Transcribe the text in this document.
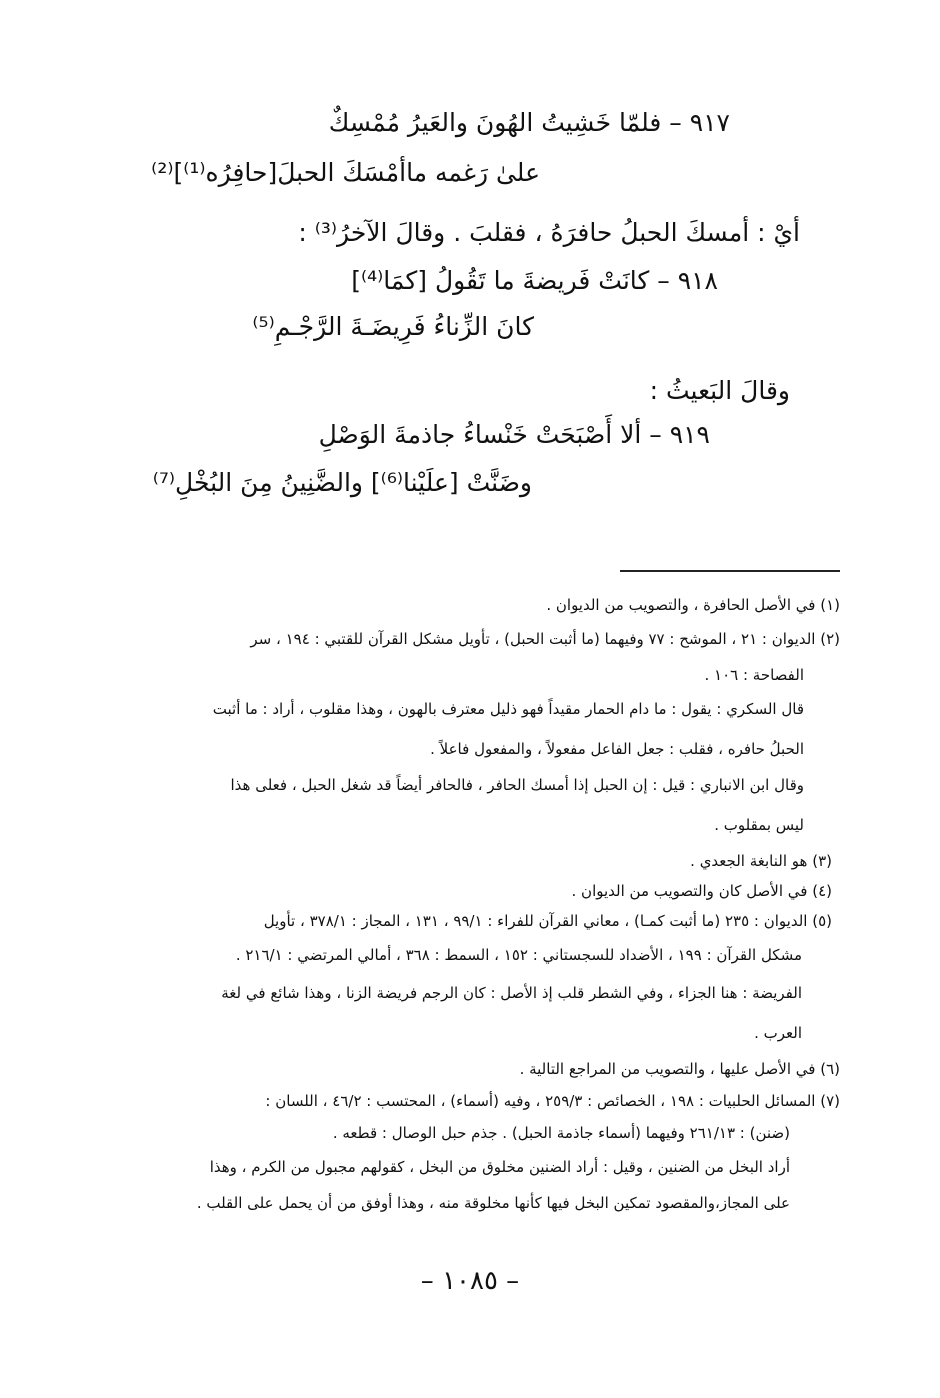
٩١٧ – فلمّا خَشِيتُ الهُونَ والعَيرُ مُمْسِكٌ
علىٰ رَغمه ماأمْسَكَ الحبلَ[حافِرُه⁽¹⁾]⁽²⁾
أيْ : أمسكَ الحبلُ حافرَهُ ، فقلبَ . وقالَ الآخرُ⁽³⁾ :
٩١٨ – كانَتْ فَريضةَ ما تَقُولُ [كمَا⁽⁴⁾]
كانَ الزِّناءُ فَرِيضَـةَ الرَّجْـمِ⁽⁵⁾
وقالَ البَعيثُ :
٩١٩ – ألا أَصْبَحَتْ خَنْساءُ جاذمةَ الوَصْلِ
وضَنَّتْ [علَيْنا⁽⁶⁾] والضَّنِينُ مِنَ البُخْلِ⁽⁷⁾
(١) في الأصل الحافرة ، والتصويب من الديوان .
(٢) الديوان : ٢١ ، الموشح : ٧٧ وفيهما (ما أثبت الحبل) ، تأويل مشكل القرآن للقتبي : ١٩٤ ، سر
الفصاحة : ١٠٦ .
قال السكري : يقول : ما دام الحمار مقيداً فهو ذليل معترف بالهون ، وهذا مقلوب ، أراد : ما أثبت
الحبلُ حافره ، فقلب : جعل الفاعل مفعولاً ، والمفعول فاعلاً .
وقال ابن الانباري : قيل : إن الحبل إذا أمسك الحافر ، فالحافر أيضاً قد شغل الحبل ، فعلى هذا
ليس بمقلوب .
(٣) هو النابغة الجعدي .
(٤) في الأصل كان والتصويب من الديوان .
(٥) الديوان : ٢٣٥ (ما أثبت كمـا) ، معاني القرآن للفراء : ٩٩/١ ، ١٣١ ، المجاز : ٣٧٨/١ ، تأويل
مشكل القرآن : ١٩٩ ، الأضداد للسجستاني : ١٥٢ ، السمط : ٣٦٨ ، أمالي المرتضي : ٢١٦/١ .
الفريضة : هنا الجزاء ، وفي الشطر قلب إذ الأصل : كان الرجم فريضة الزنا ، وهذا شائع في لغة
العرب .
(٦) في الأصل عليها ، والتصويب من المراجع التالية .
(٧) المسائل الحلبيات : ١٩٨ ، الخصائص : ٢٥٩/٣ ، وفيه (أسماء) ، المحتسب : ٤٦/٢ ، اللسان :
(ضنن) : ٢٦١/١٣ وفيهما (أسماء جاذمة الحبل) . جذم حبل الوصال : قطعه .
أراد البخل من الضنين ، وقيل : أراد الضنين مخلوق من البخل ، كقولهم مجبول من الكرم ، وهذا
على المجاز،والمقصود تمكين البخل فيها كأنها مخلوقة منه ، وهذا أوفق من أن يحمل على القلب .
– ١٠٨٥ –
